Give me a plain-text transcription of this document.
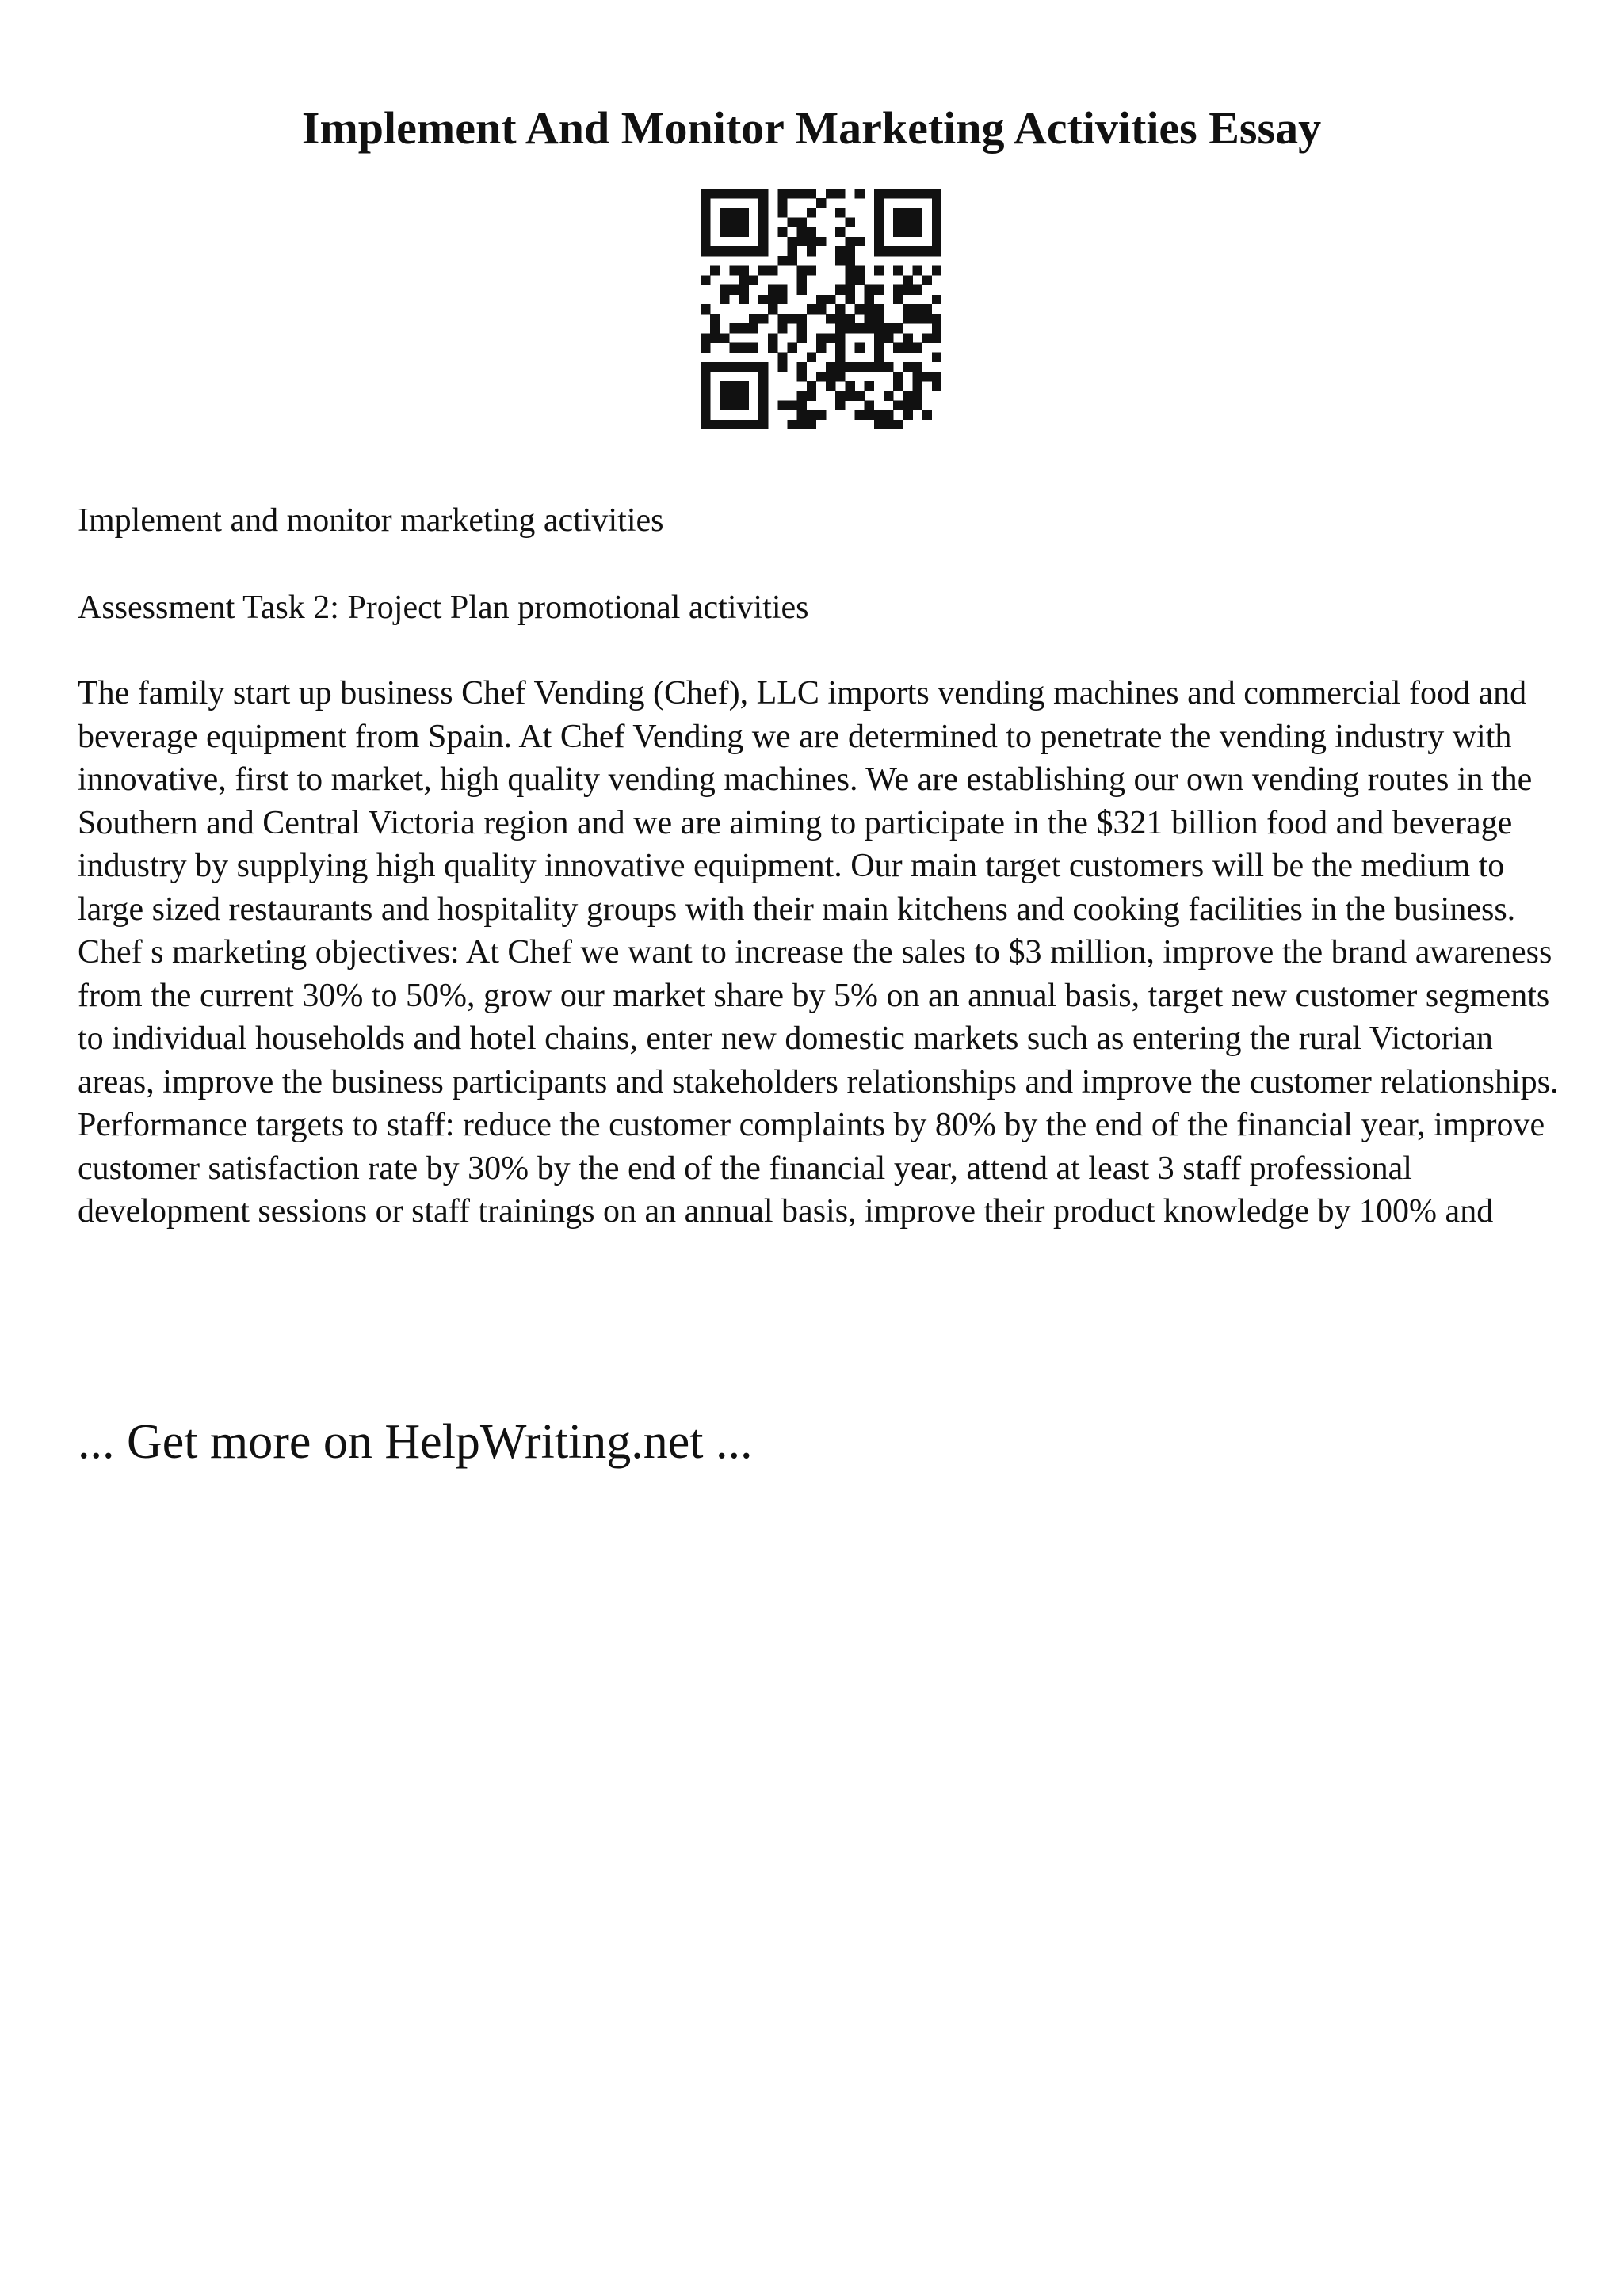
Implement And Monitor Marketing Activities Essay

Implement and monitor marketing activities

Assessment Task 2: Project Plan promotional activities

The family start up business Chef Vending (Chef), LLC imports vending machines and commercial food and beverage equipment from Spain. At Chef Vending we are determined to penetrate the vending industry with innovative, first to market, high quality vending machines. We are establishing our own vending routes in the Southern and Central Victoria region and we are aiming to participate in the $321 billion food and beverage industry by supplying high quality innovative equipment. Our main target customers will be the medium to large sized restaurants and hospitality groups with their main kitchens and cooking facilities in the business.

Chef s marketing objectives: At Chef we want to increase the sales to $3 million, improve the brand awareness from the current 30% to 50%, grow our market share by 5% on an annual basis, target new customer segments to individual households and hotel chains, enter new domestic markets such as entering the rural Victorian areas, improve the business participants and stakeholders relationships and improve the customer relationships.

Performance targets to staff: reduce the customer complaints by 80% by the end of the financial year, improve customer satisfaction rate by 30% by the end of the financial year, attend at least 3 staff professional development sessions or staff trainings on an annual basis, improve their product knowledge by 100% and

... Get more on HelpWriting.net ...
